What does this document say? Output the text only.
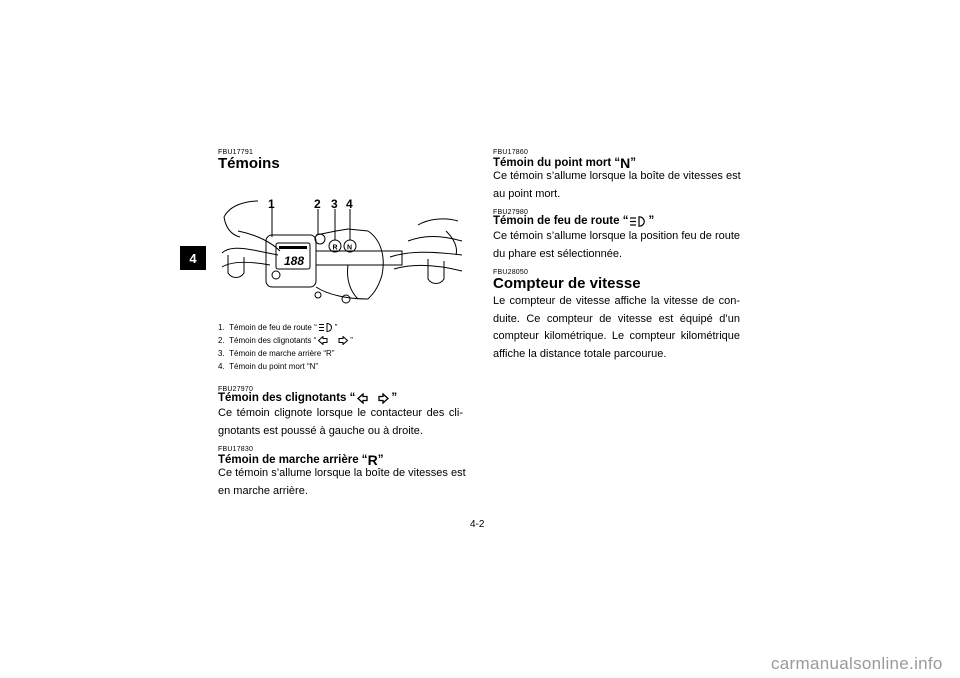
4
FBU17791
Témoins
188
R N
1	2 3 4
1.
Témoin de feu de route “ ”
2.
Témoin des clignotants “	”
3.
Témoin de marche arrière “R”
4.
Témoin du point mort “N”
FBU27970
Témoin des clignotants “	”
Ce témoin clignote lorsque le contacteur des cli-gnotants est poussé à gauche ou à droite.
FBU17830
Témoin de marche arrière “ R ”
Ce témoin s’allume lorsque la boîte de vitesses est en marche arrière.
FBU17860
Témoin du point mort “ N ”
Ce témoin s’allume lorsque la boîte de vitesses est au point mort.
FBU27980
Témoin de feu de route “ ”
Ce témoin s’allume lorsque la position feu de route du phare est sélectionnée.
FBU28050
Compteur de vitesse
Le compteur de vitesse affiche la vitesse de con-duite. Ce compteur de vitesse est équipé d’un compteur kilométrique. Le compteur kilométrique affiche la distance totale parcourue.
4-2
carmanualsonline.info
